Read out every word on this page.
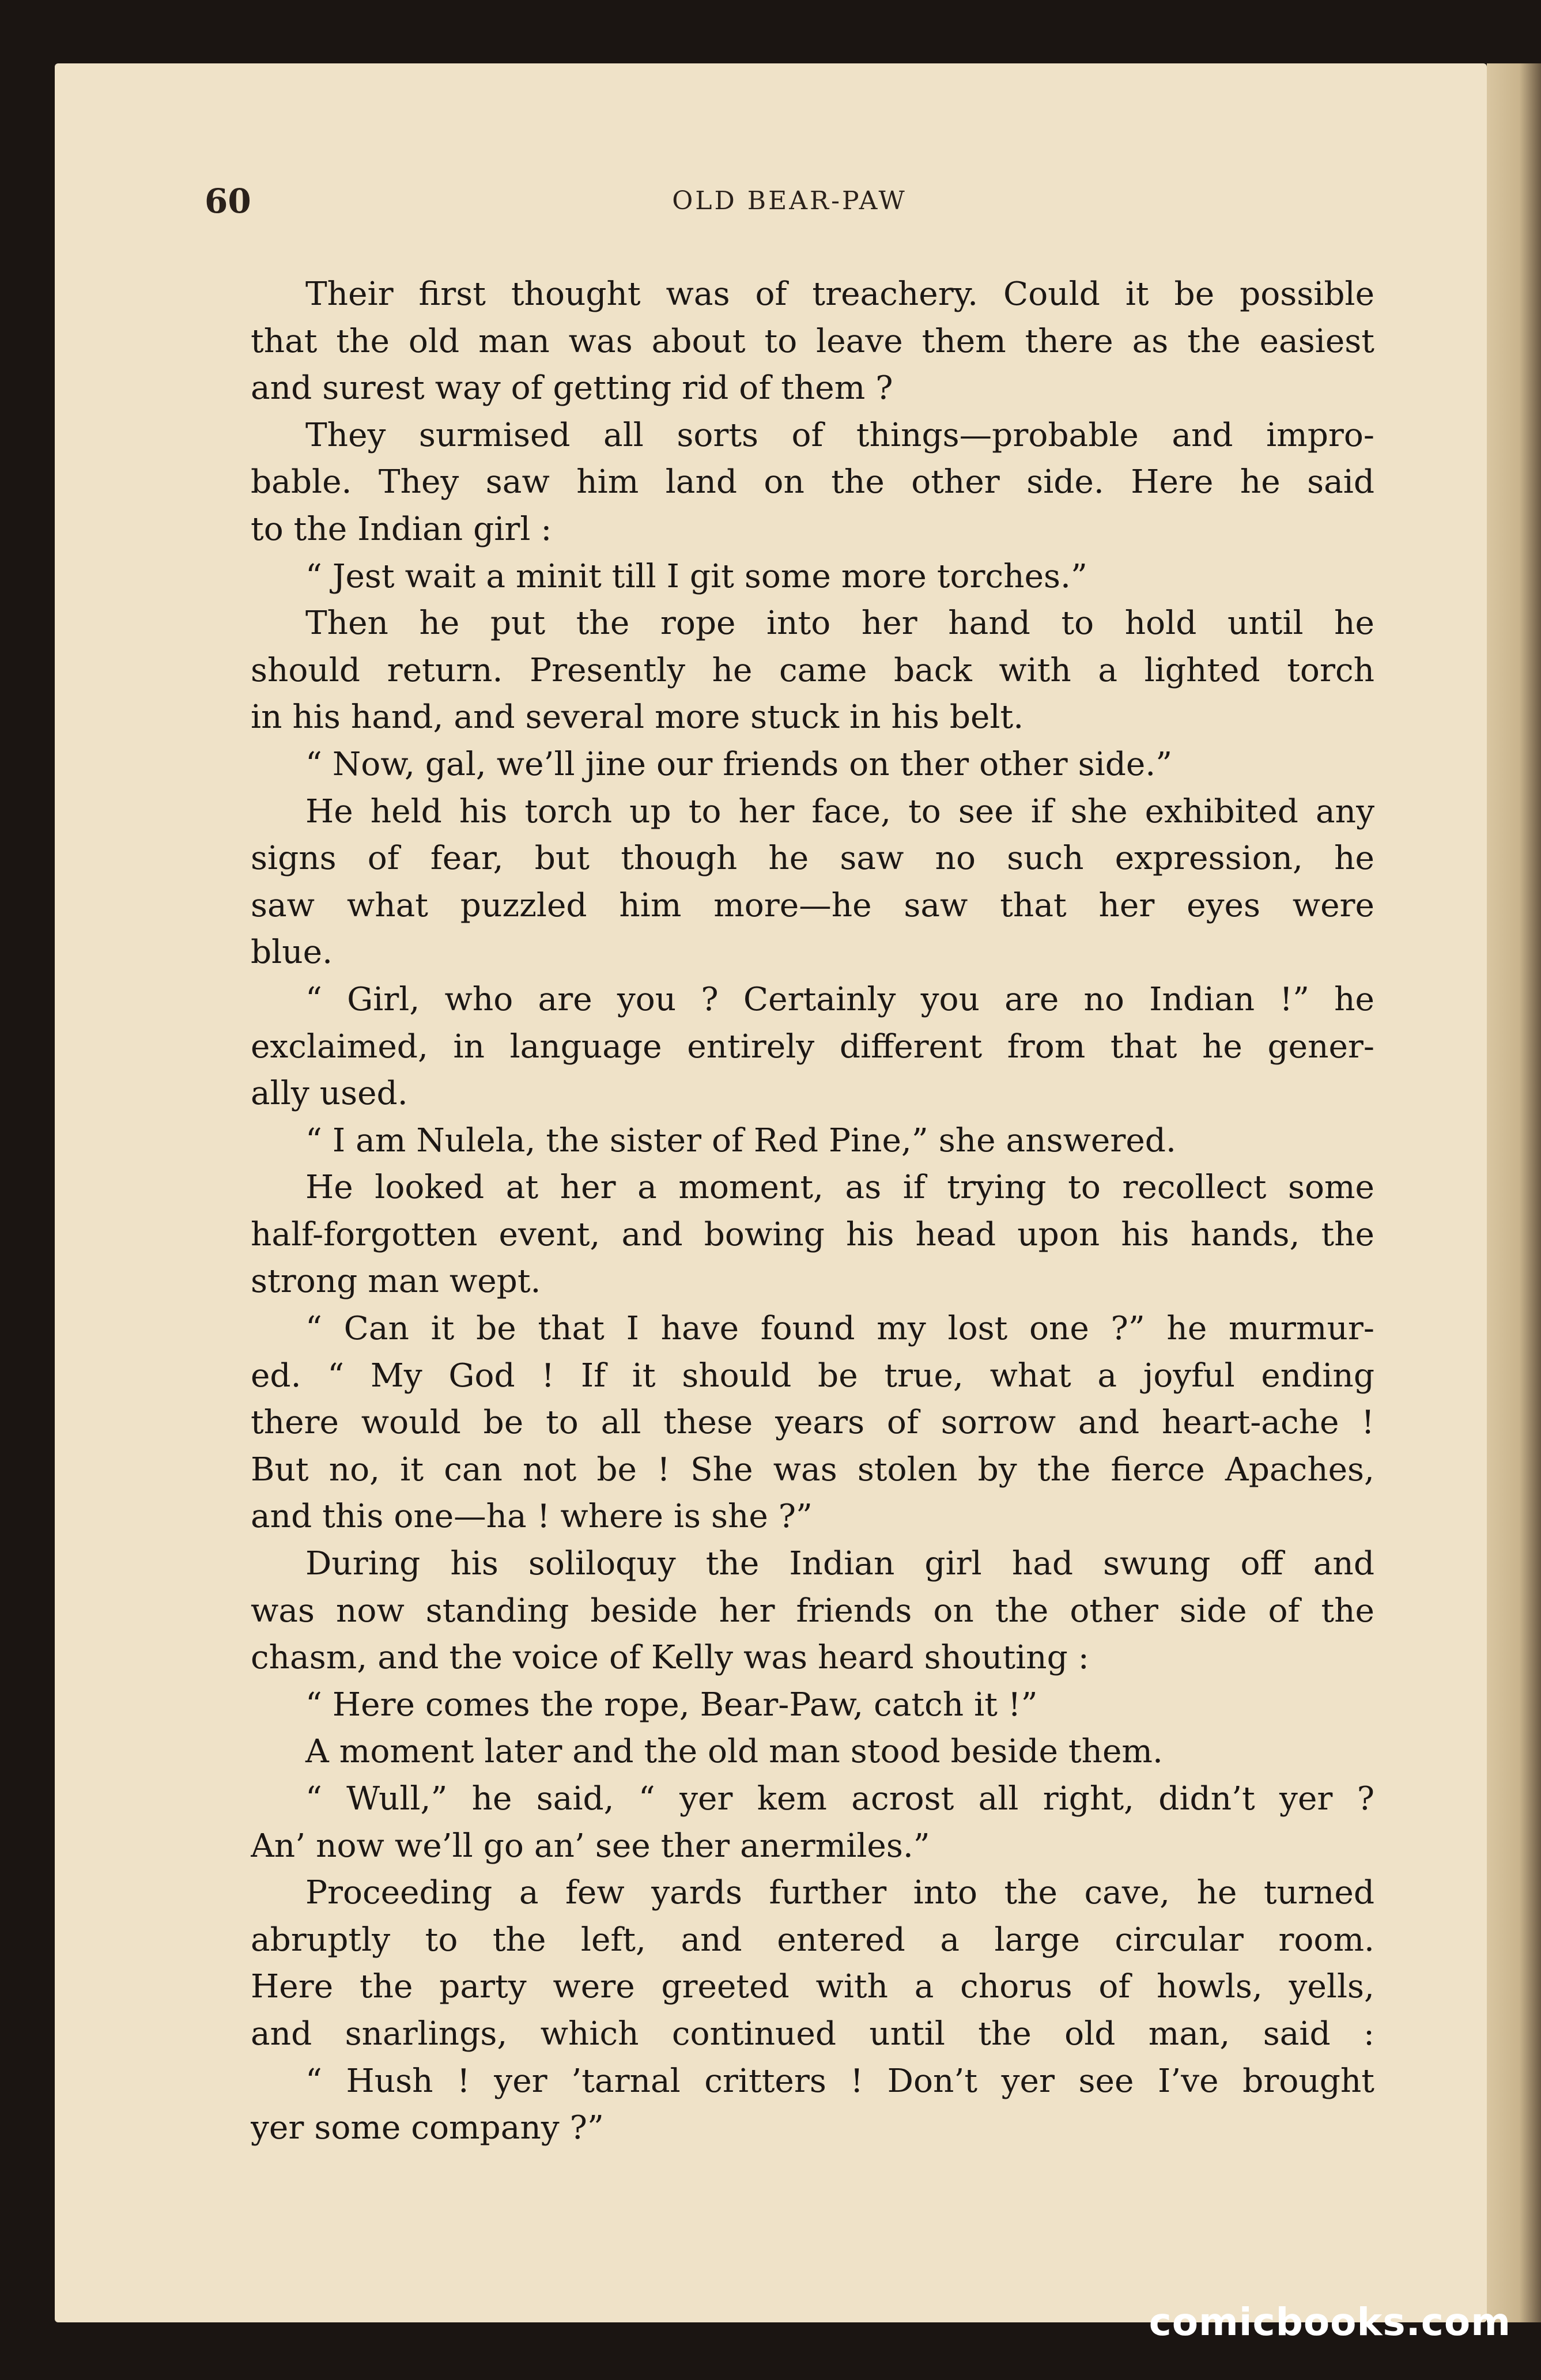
60	OLD BEAR-PAW
Their first thought was of treachery. Could it be possible
that the old man was about to leave them there as the easiest
and surest way of getting rid of them ?
They surmised all sorts of things—probable and impro-
bable. They saw him land on the other side. Here he said
to the Indian girl :
“ Jest wait a minit till I git some more torches.”
Then he put the rope into her hand to hold until he
should return. Presently he came back with a lighted torch
in his hand, and several more stuck in his belt.
“ Now, gal, we’ll jine our friends on ther other side.”
He held his torch up to her face, to see if she exhibited any
signs of fear, but though he saw no such expression, he
saw what puzzled him more—he saw that her eyes were
blue.
“ Girl, who are you ? Certainly you are no Indian !” he
exclaimed, in language entirely different from that he gener-
ally used.
“ I am Nulela, the sister of Red Pine,” she answered.
He looked at her a moment, as if trying to recollect some
half-forgotten event, and bowing his head upon his hands, the
strong man wept.
“ Can it be that I have found my lost one ?” he murmur-
ed. “ My God ! If it should be true, what a joyful ending
there would be to all these years of sorrow and heart-ache !
But no, it can not be ! She was stolen by the fierce Apaches,
and this one—ha ! where is she ?”
During his soliloquy the Indian girl had swung off and
was now standing beside her friends on the other side of the
chasm, and the voice of Kelly was heard shouting :
“ Here comes the rope, Bear-Paw, catch it !”
A moment later and the old man stood beside them.
“ Wull,” he said, “ yer kem acrost all right, didn’t yer ?
An’ now we’ll go an’ see ther anermiles.”
Proceeding a few yards further into the cave, he turned
abruptly to the left, and entered a large circular room.
Here the party were greeted with a chorus of howls, yells,
and snarlings, which continued until the old man, said :
“ Hush ! yer ’tarnal critters ! Don’t yer see I’ve brought
yer some company ?”
comicbooks.com
